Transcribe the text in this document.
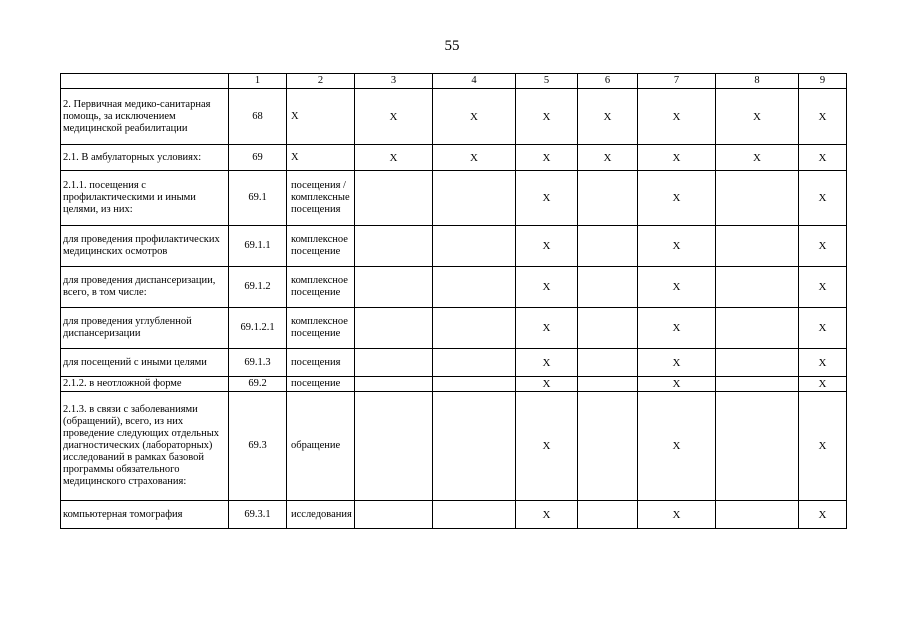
55
	1	2	3	4	5	6	7	8	9
2. Первичная медико-санитарная помощь, за исключением медицинской реабилитации	68	X	X	X	X	X	X	X	X
2.1. В амбулаторных условиях:	69	X	X	X	X	X	X	X	X
2.1.1. посещения с профилактическими и иными целями, из них:	69.1	посещения /комплексные посещения			X		X		X
для проведения профилактических медицинских осмотров	69.1.1	комплексное посещение			X		X		X
для проведения диспансеризации, всего, в том числе:	69.1.2	комплексное посещение			X		X		X
для проведения углубленной диспансеризации	69.1.2.1	комплексное посещение			X		X		X
для посещений с иными целями	69.1.3	посещения			X		X		X
2.1.2. в неотложной форме	69.2	посещение			X		X		X
2.1.3. в связи с заболеваниями (обращений), всего, из них проведение следующих отдельных диагностических (лабораторных) исследований в рамках базовой программы обязательного медицинского страхования:	69.3	обращение			X		X		X
компьютерная томография	69.3.1	исследования			X		X		X
